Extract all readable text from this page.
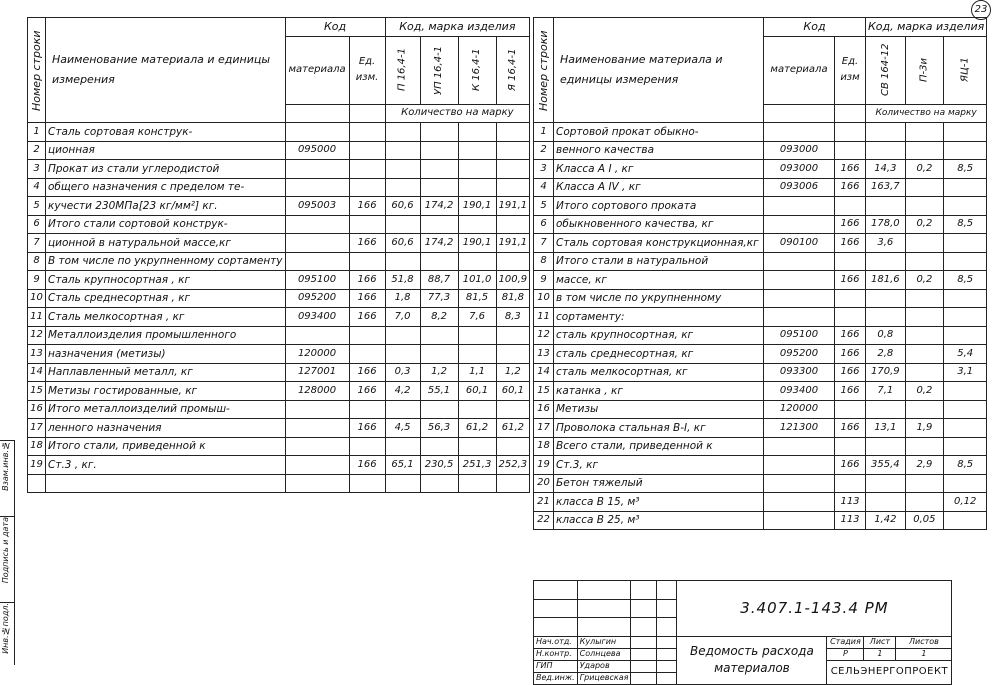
23
Взам.инв.№
Подпись и дата
Инв.№подл.
Номер строки	Наименование материала и единицы измерения	Код		Код, марка изделия			
		материала	Ед. изм.	П 16,4-1	УП 16,4-1	К 16,4-1	Я 16,4-1
				Количество на марку			
1	Сталь сортовая конструк-						
2	ционная	095000					
3	Прокат из стали углеродистой						
4	общего назначения с пределом те-						
5	кучести 230МПа[23 кг/мм²] кг.	095003	166	60,6	174,2	190,1	191,1
6	Итого стали сортовой конструк-						
7	ционной в натуральной массе,кг		166	60,6	174,2	190,1	191,1
8	В том числе по укрупненному сортаменту						
9	Сталь крупносортная , кг	095100	166	51,8	88,7	101,0	100,9
10	Сталь среднесортная , кг	095200	166	1,8	77,3	81,5	81,8
11	Сталь мелкосортная , кг	093400	166	7,0	8,2	7,6	8,3
12	Металлоизделия промышленного						
13	назначения (метизы)	120000					
14	Наплавленный металл, кг	127001	166	0,3	1,2	1,1	1,2
15	Метизы гостированные, кг	128000	166	4,2	55,1	60,1	60,1
16	Итого металлоизделий промыш-						
17	ленного назначения		166	4,5	56,3	61,2	61,2
18	Итого стали, приведенной к						
19	Ст.3 , кг.		166	65,1	230,5	251,3	252,3

Номер строки	Наименование материала и единицы измерения	Код		Код, марка изделия		
		материала	Ед. изм	СВ 164-12	П-3и	ЯЦ-1
				Количество на марку		
1	Сортовой прокат обыкно-					
2	венного качества	093000				
3	Класса А І , кг	093000	166	14,3	0,2	8,5
4	Класса А ІV , кг	093006	166	163,7		
5	Итого сортового проката					
6	обыкновенного качества, кг		166	178,0	0,2	8,5
7	Сталь сортовая конструкционная,кг	090100	166	3,6		
8	Итого стали в натуральной					
9	массе, кг		166	181,6	0,2	8,5
10	в том числе по укрупненному					
11	сортаменту:					
12	сталь крупносортная, кг	095100	166	0,8		
13	сталь среднесортная, кг	095200	166	2,8		5,4
14	сталь мелкосортная, кг	093300	166	170,9		3,1
15	катанка , кг	093400	166	7,1	0,2	
16	Метизы	120000				
17	Проволока стальная В-І, кг	121300	166	13,1	1,9	
18	Всего стали, приведенной к					
19	Ст.3, кг		166	355,4	2,9	8,5
20	Бетон тяжелый					
21	класса В 15, м³		113			0,12
22	класса В 25, м³		113	1,42	0,05	
				3.407.1-143.4 РМ			

Нач.отд.	Кулыгин			Ведомость расхода материалов	Стадия	Лист	Листов
Н.контр.	Солнцева				Р	1	1
ГИП	Ударов				СЕЛЬЭНЕРГОПРОЕКТ		
Вед.инж.	Грицевская						
